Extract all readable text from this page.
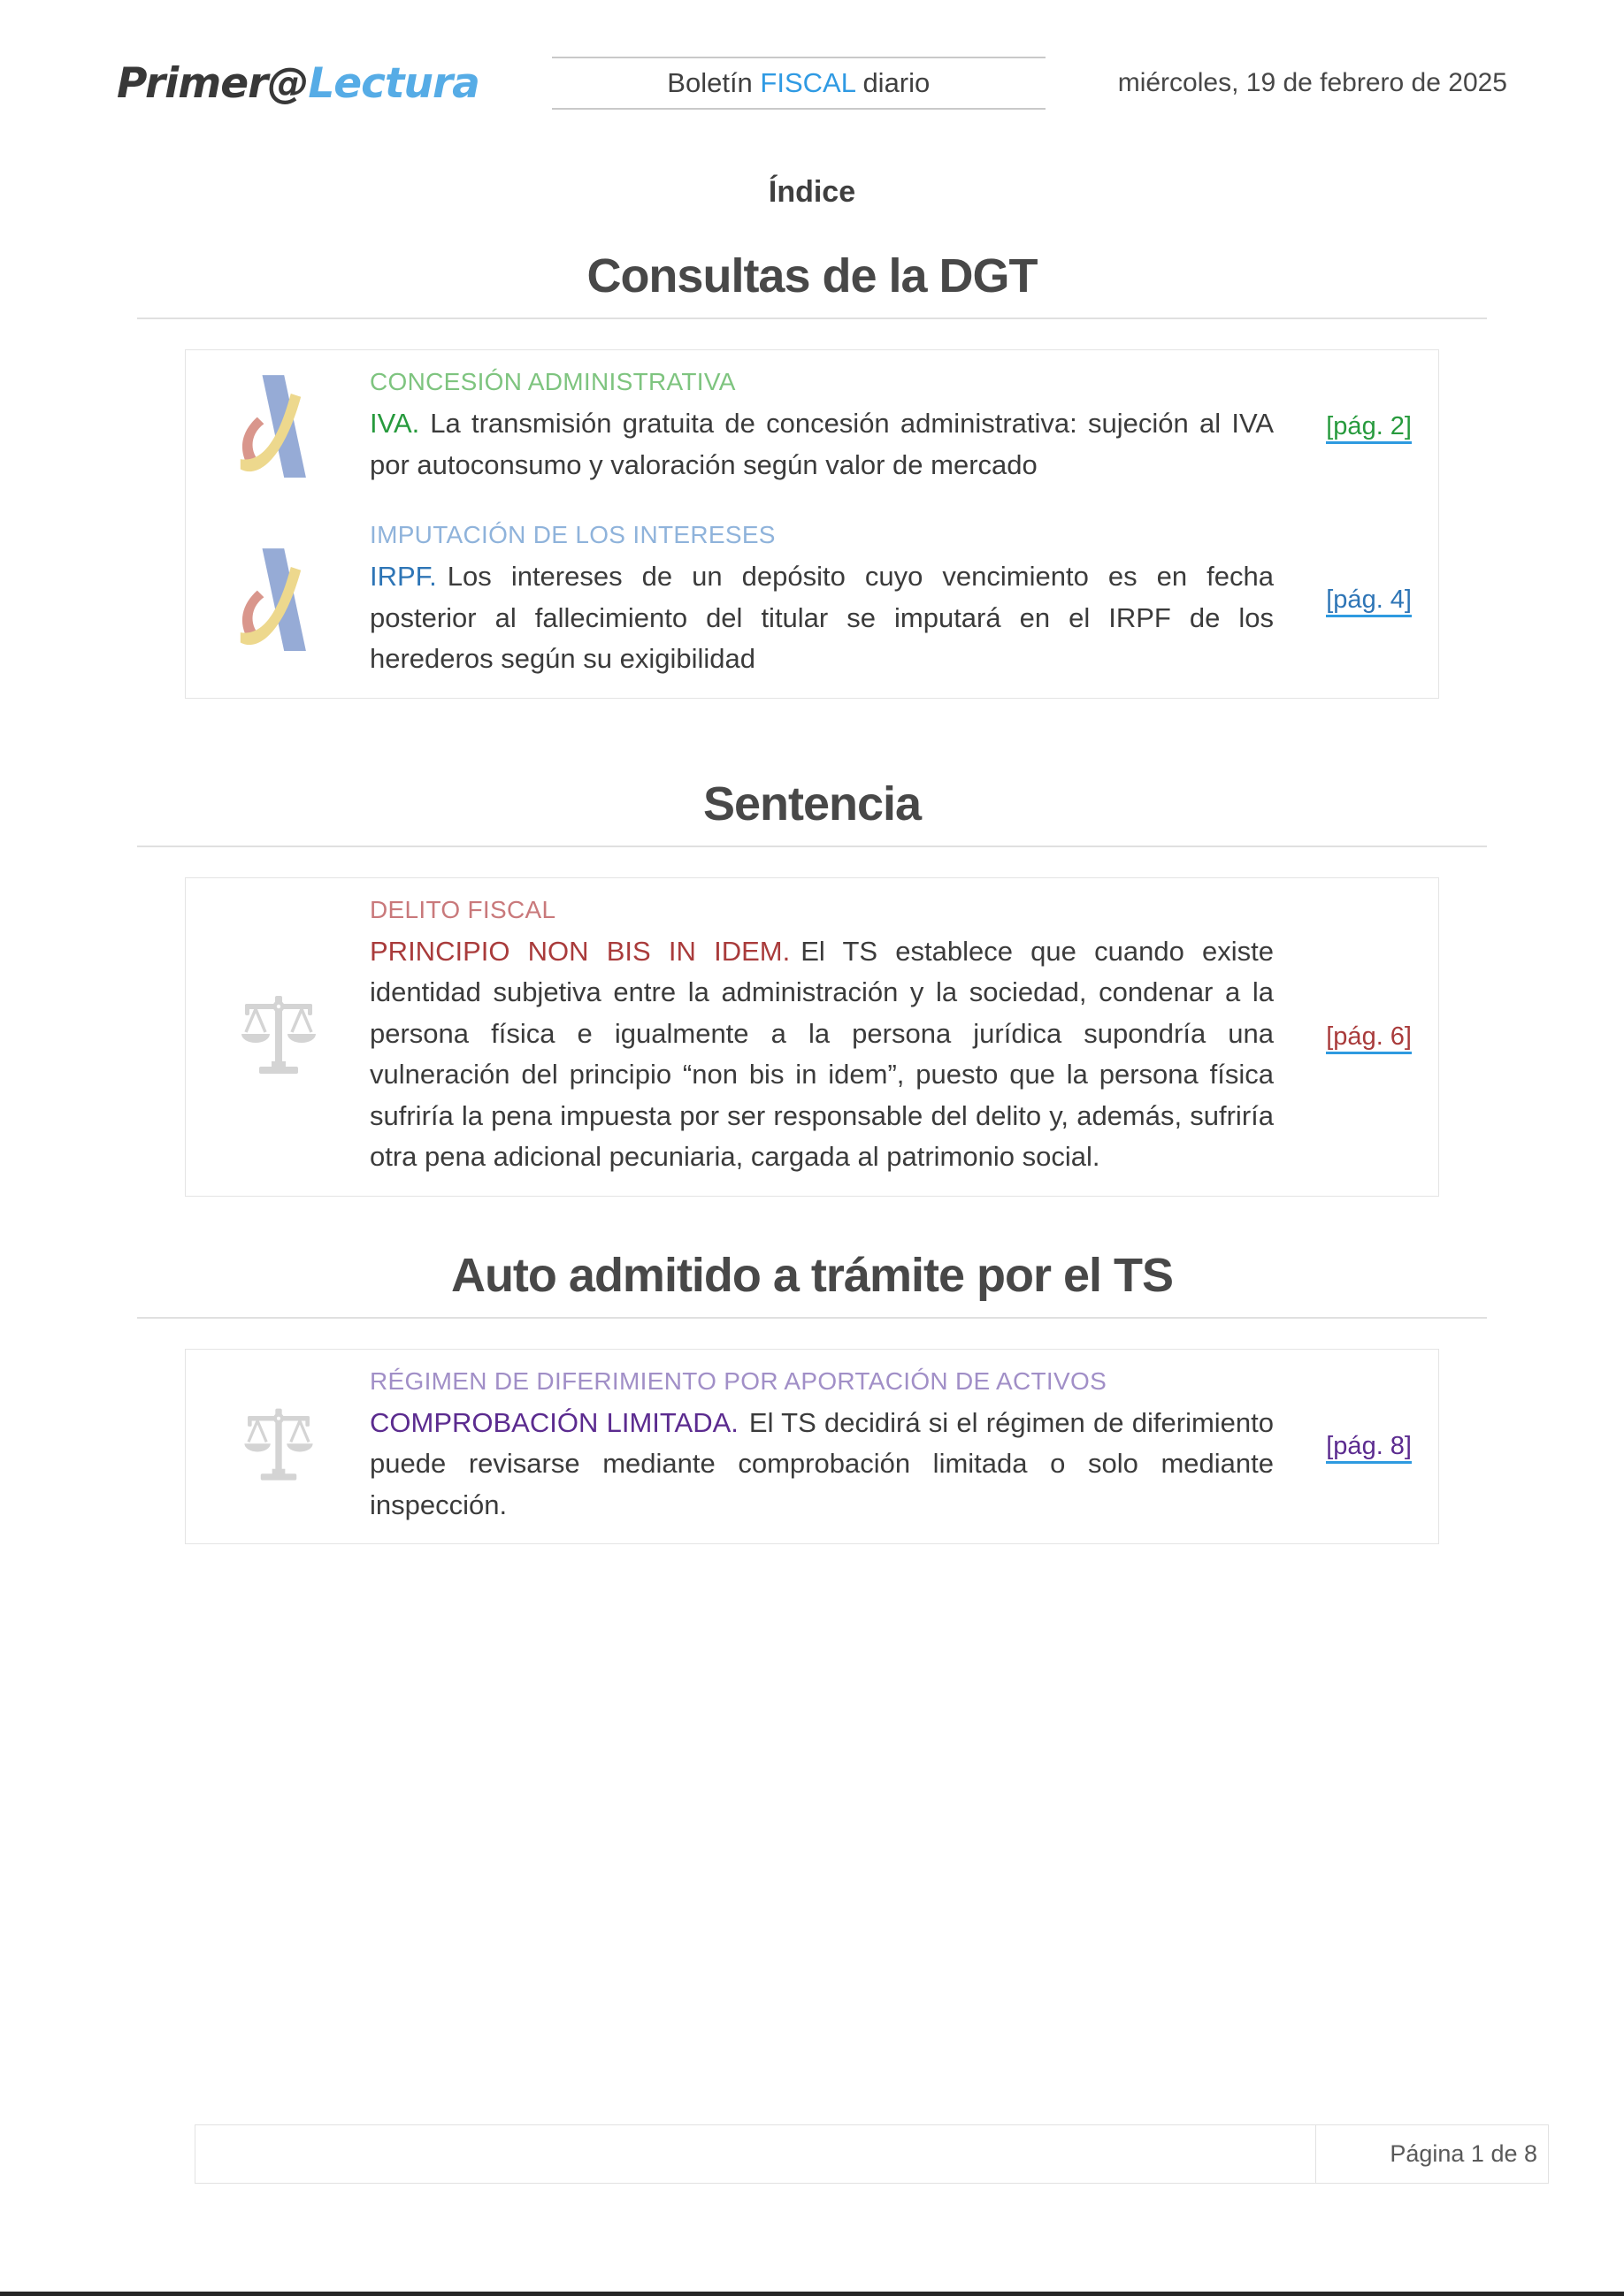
Primer@Lectura	Boletín FISCAL diario	miércoles, 19 de febrero de 2025
Índice
Consultas de la DGT
CONCESIÓN ADMINISTRATIVA

IVA. La transmisión gratuita de concesión administrativa: sujeción al IVA por autoconsumo y valoración según valor de mercado

[pág. 2]
IMPUTACIÓN DE LOS INTERESES

IRPF. Los intereses de un depósito cuyo vencimiento es en fecha posterior al fallecimiento del titular se imputará en el IRPF de los herederos según su exigibilidad

[pág. 4]
Sentencia
DELITO FISCAL

PRINCIPIO NON BIS IN IDEM. El TS establece que cuando existe identidad subjetiva entre la administración y la sociedad, condenar a la persona física e igualmente a la persona jurídica supondría una vulneración del principio “non bis in idem”, puesto que la persona física sufriría la pena impuesta por ser responsable del delito y, además, sufriría otra pena adicional pecuniaria, cargada al patrimonio social.

[pág. 6]
Auto admitido a trámite por el TS
RÉGIMEN DE DIFERIMIENTO POR APORTACIÓN DE ACTIVOS

COMPROBACIÓN LIMITADA. El TS decidirá si el régimen de diferimiento puede revisarse mediante comprobación limitada o solo mediante inspección.

[pág. 8]
Página 1 de 8
